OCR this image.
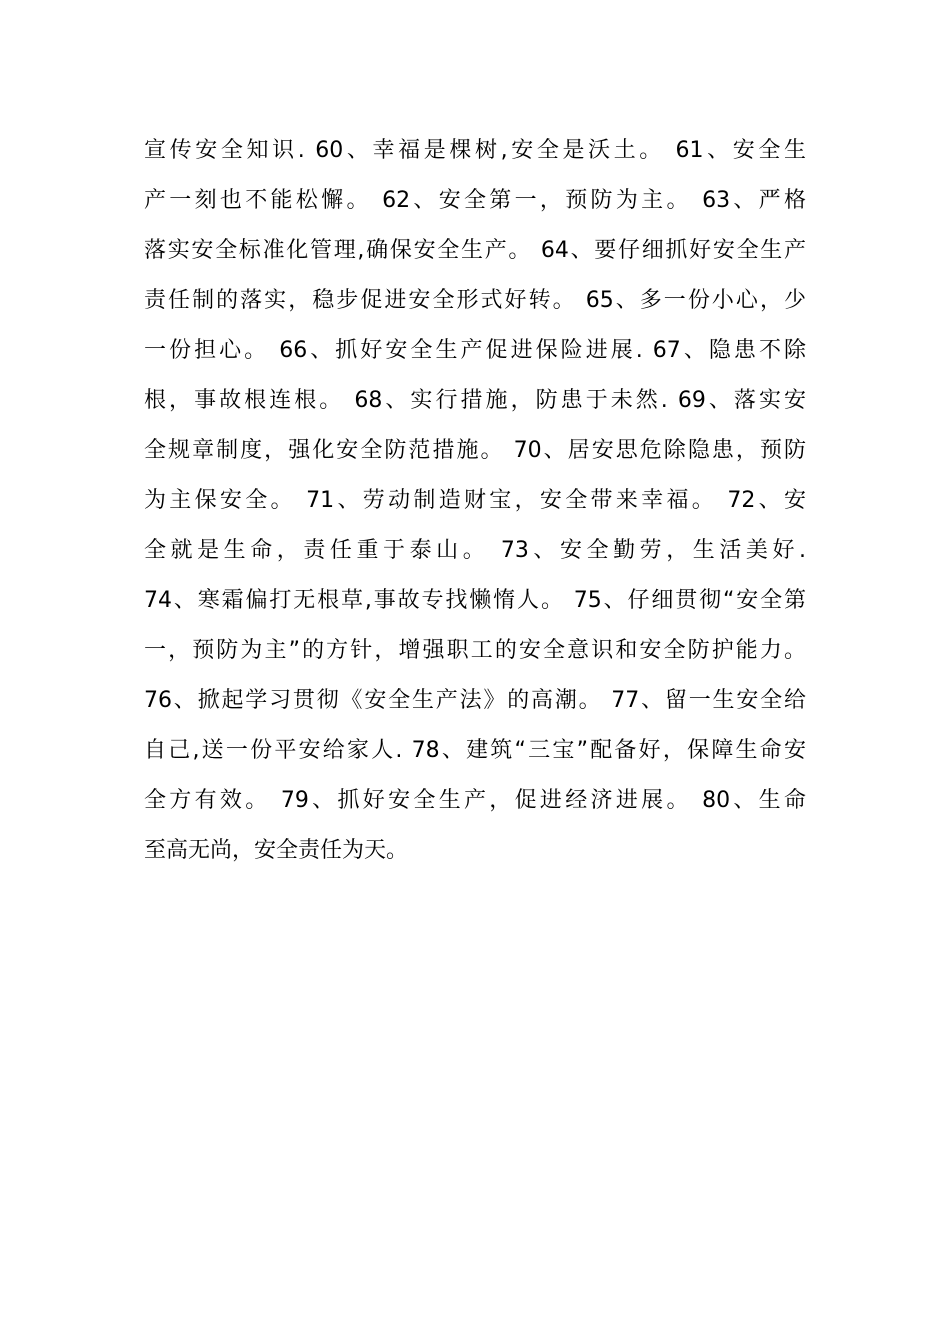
宣传安全知识. 60、幸福是棵树,安全是沃土。 61、安全生
产一刻也不能松懈。 62、安全第一，预防为主。 63、严格
落实安全标准化管理,确保安全生产。 64、要仔细抓好安全生产
责任制的落实，稳步促进安全形式好转。 65、多一份小心，少
一份担心。 66、抓好安全生产促进保险进展. 67、隐患不除
根，事故根连根。 68、实行措施，防患于未然. 69、落实安
全规章制度，强化安全防范措施。 70、居安思危除隐患，预防
为主保安全。 71、劳动制造财宝，安全带来幸福。 72、安
全就是生命，责任重于泰山。 73、安全勤劳，生活美好.
74、寒霜偏打无根草,事故专找懒惰人。 75、仔细贯彻“安全第
一，预防为主”的方针，增强职工的安全意识和安全防护能力。
76、掀起学习贯彻《安全生产法》的高潮。 77、留一生安全给
自己,送一份平安给家人. 78、建筑“三宝”配备好，保障生命安
全方有效。 79、抓好安全生产，促进经济进展。 80、生命
至高无尚，安全责任为天。
